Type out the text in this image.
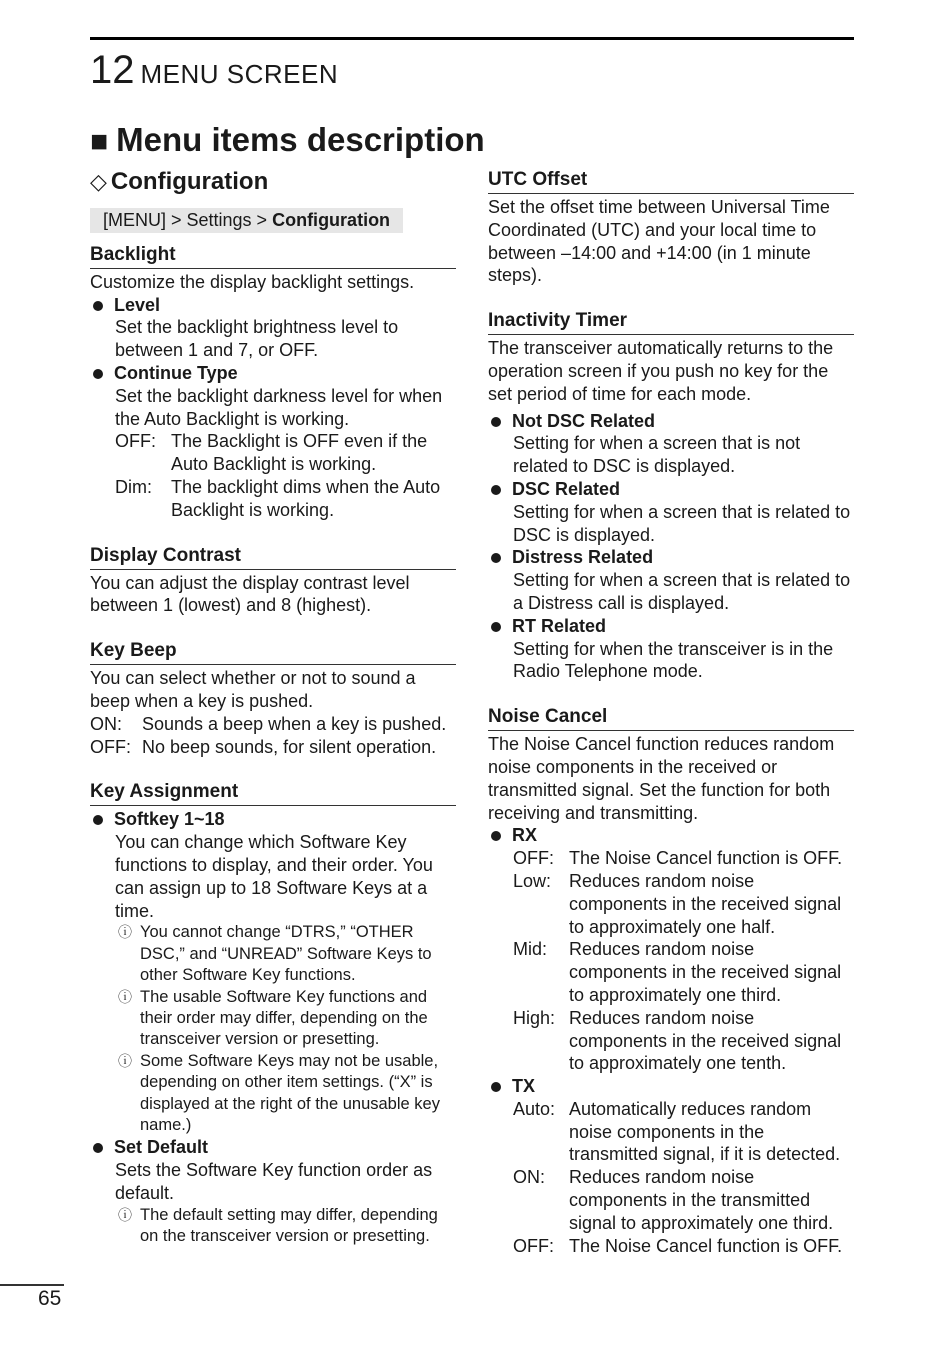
12 MENU SCREEN
■ Menu items description
◇ Configuration
[MENU] > Settings > Configuration
Backlight

Customize the display backlight settings.

Level

Set the backlight brightness level to between 1 and 7, or OFF.

Continue Type

Set the backlight darkness level for when the Auto Backlight is working.

OFF: The Backlight is OFF even if the Auto Backlight is working.
Dim:	The backlight dims when the Auto Backlight is working.
Display Contrast

You can adjust the display contrast level between 1 (lowest) and 8 (highest).

Key Beep

You can select whether or not to sound a beep when a key is pushed.

ON:	Sounds a beep when a key is pushed.
OFF: No beep sounds, for silent operation.
Key Assignment
Softkey 1~18

You can change which Software Key functions to display, and their order. You can assign up to 18 Software Keys at a time.

ⓘ You cannot change “DTRS,” “OTHER DSC,” and “UNREAD” Software Keys to other Software Key functions.
ⓘ The usable Software Key functions and their order may differ, depending on the transceiver version or presetting.
ⓘ Some Software Keys may not be usable, depending on other item settings. (“X” is displayed at the right of the unusable key name.)
Set Default

Sets the Software Key function order as default.

ⓘ The default setting may differ, depending on the transceiver version or presetting.
UTC Offset

Set the offset time between Universal Time Coordinated (UTC) and your local time to between –14:00 and +14:00 (in 1 minute steps).

Inactivity Timer

The transceiver automatically returns to the operation screen if you push no key for the set period of time for each mode.

Not DSC Related

Setting for when a screen that is not related to DSC is displayed.

DSC Related

Setting for when a screen that is related to DSC is displayed.

Distress Related

Setting for when a screen that is related to a Distress call is displayed.

RT Related

Setting for when the transceiver is in the Radio Telephone mode.

Noise Cancel

The Noise Cancel function reduces random noise components in the received or transmitted signal. Set the function for both receiving and transmitting.

RX
OFF: The Noise Cancel function is OFF.
Low: Reduces random noise components in the received signal to approximately one half.
Mid:	Reduces random noise components in the received signal to approximately one third.
High: Reduces random noise components in the received signal to approximately one tenth.
TX
Auto: Automatically reduces random noise components in the transmitted signal, if it is detected.
ON:	Reduces random noise components in the transmitted signal to approximately one third.
OFF: The Noise Cancel function is OFF.
65
